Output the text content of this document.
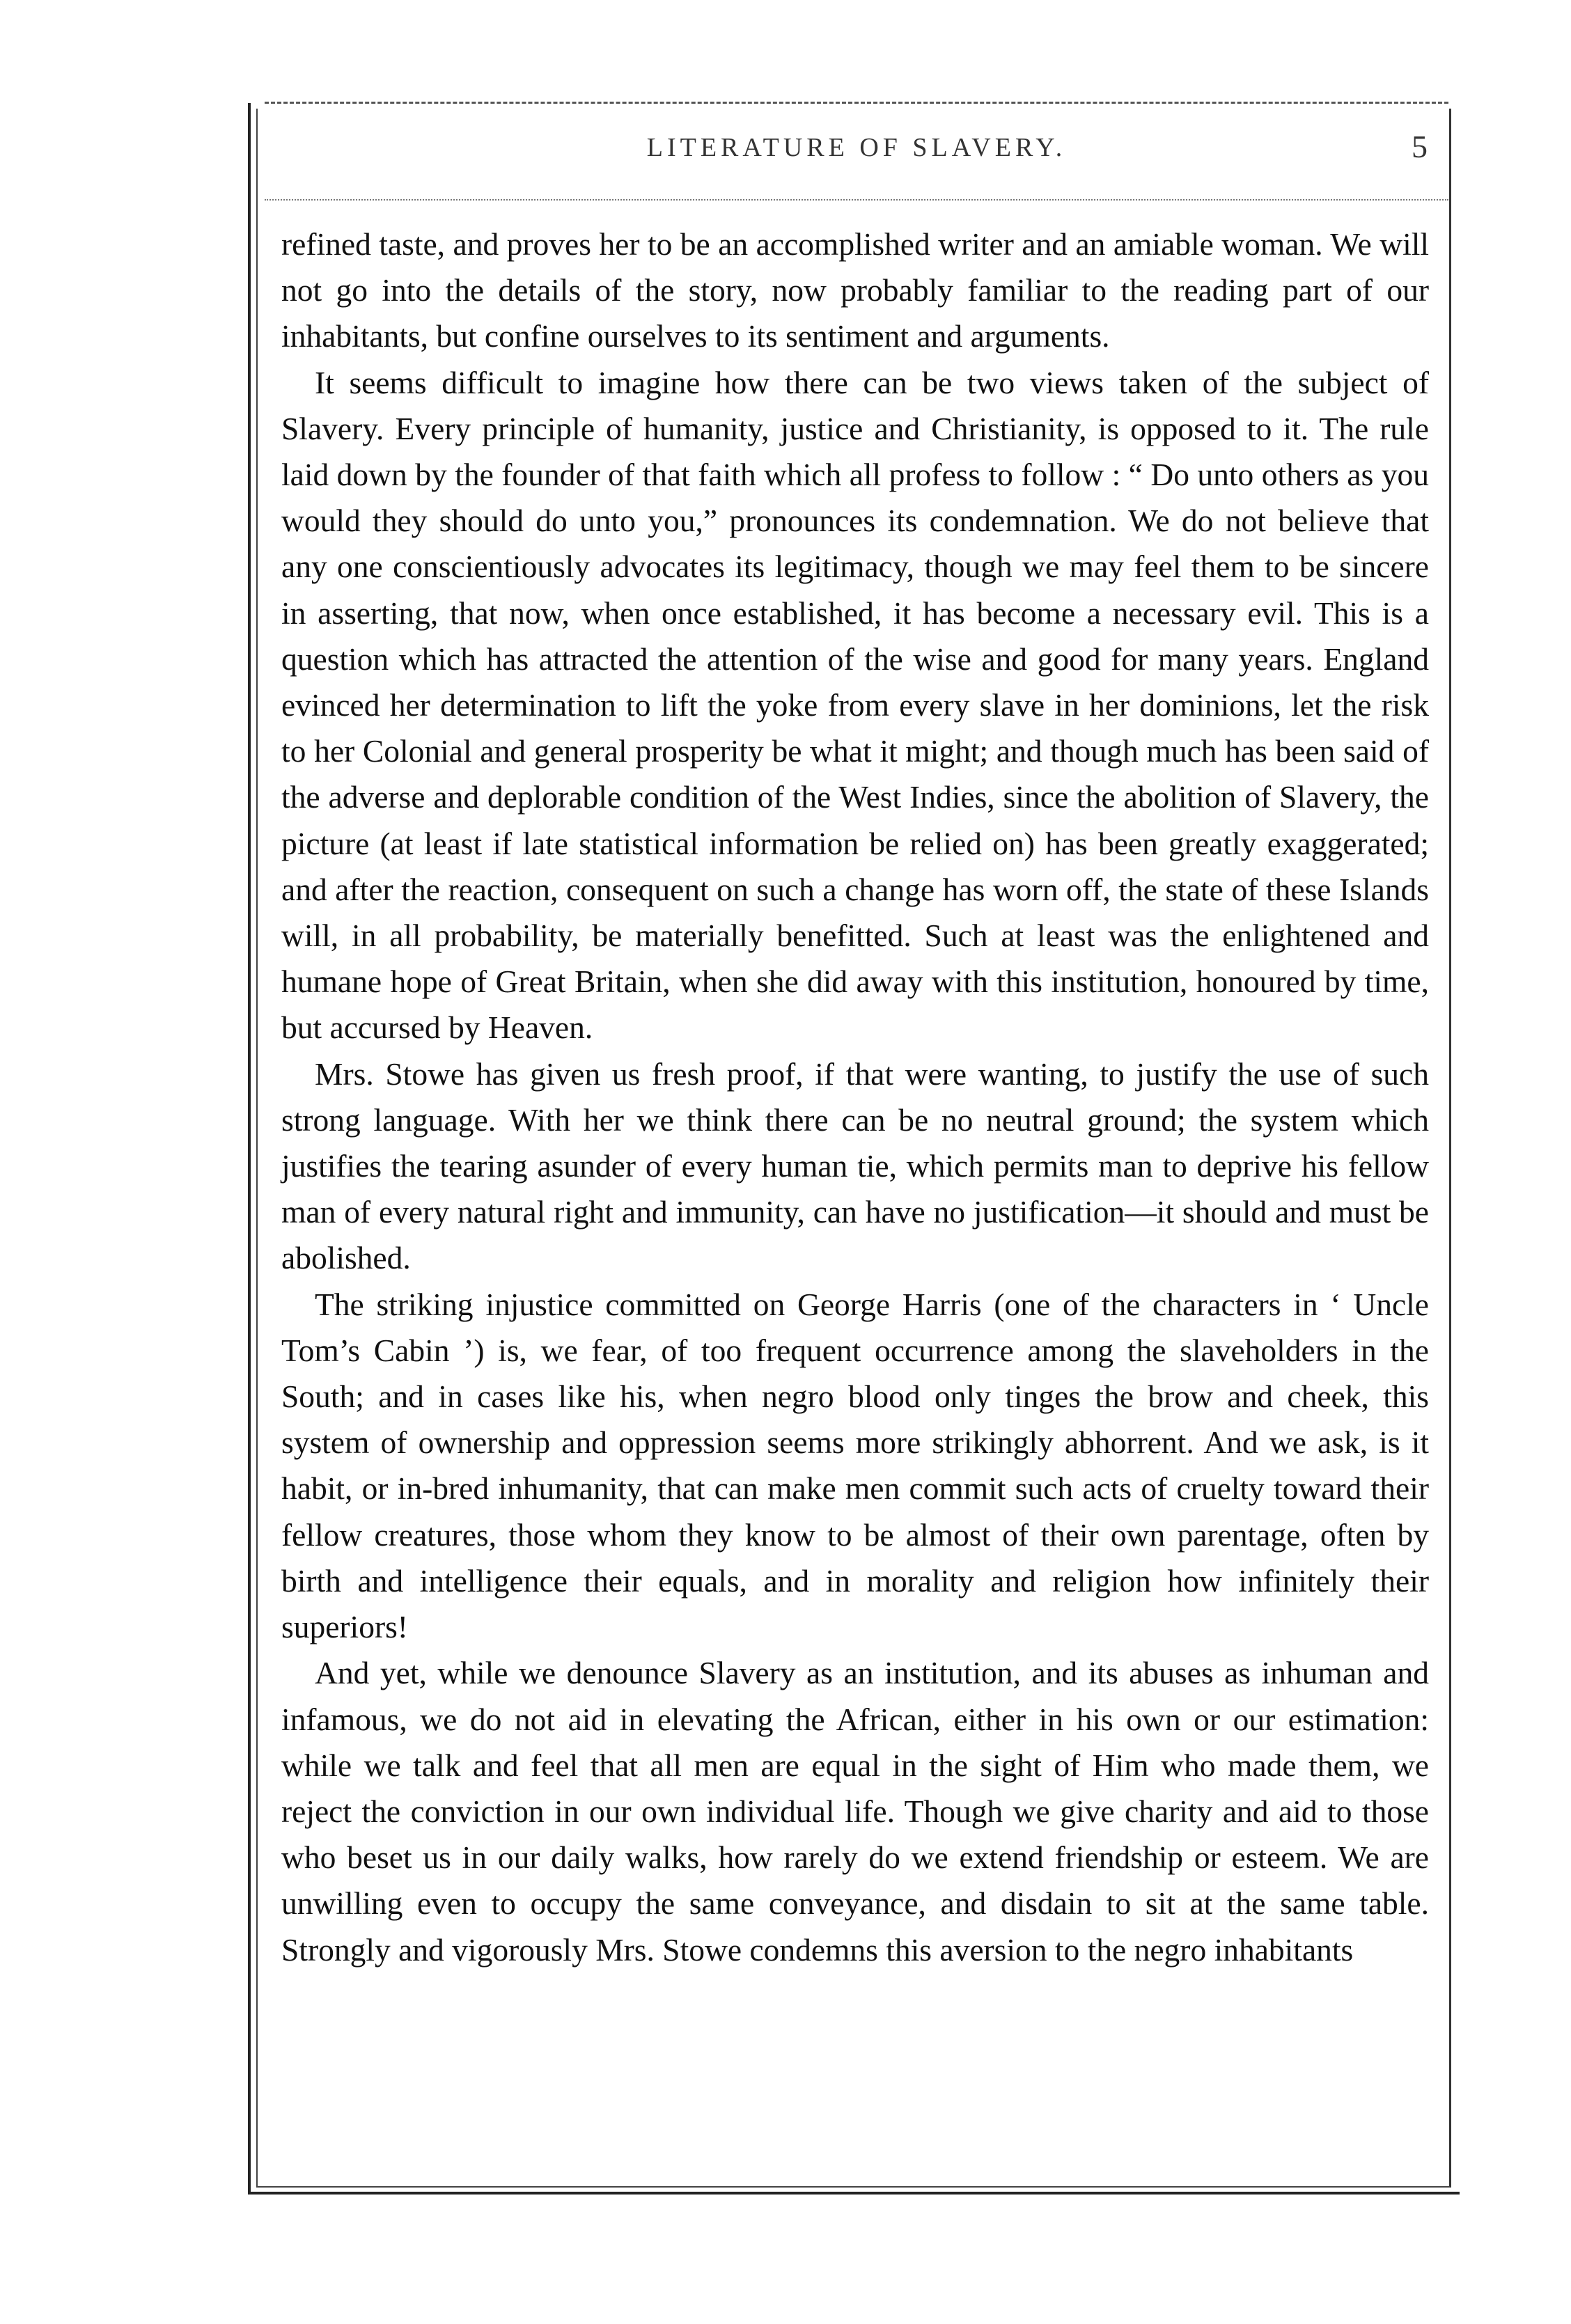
LITERATURE OF SLAVERY.	5

refined taste, and proves her to be an accomplished writer and an amiable woman. We will not go into the details of the story, now probably familiar to the reading part of our inhabitants, but confine ourselves to its sentiment and arguments.

It seems difficult to imagine how there can be two views taken of the subject of Slavery. Every principle of humanity, justice and Christianity, is opposed to it. The rule laid down by the founder of that faith which all profess to follow : “ Do unto others as you would they should do unto you,” pronounces its condemnation. We do not believe that any one conscientiously advocates its legitimacy, though we may feel them to be sincere in asserting, that now, when once established, it has become a necessary evil. This is a question which has attracted the attention of the wise and good for many years. England evinced her determination to lift the yoke from every slave in her dominions, let the risk to her Colonial and general prosperity be what it might; and though much has been said of the adverse and deplorable condition of the West Indies, since the abolition of Slavery, the picture (at least if late statistical information be relied on) has been greatly exaggerated; and after the reaction, consequent on such a change has worn off, the state of these Islands will, in all probability, be materially benefitted. Such at least was the enlightened and humane hope of Great Britain, when she did away with this institution, honoured by time, but accursed by Heaven.

Mrs. Stowe has given us fresh proof, if that were wanting, to justify the use of such strong language. With her we think there can be no neutral ground; the system which justifies the tearing asunder of every human tie, which permits man to deprive his fellow man of every natural right and immunity, can have no justification—it should and must be abolished.

The striking injustice committed on George Harris (one of the characters in ‘ Uncle Tom’s Cabin ’) is, we fear, of too frequent occurrence among the slaveholders in the South; and in cases like his, when negro blood only tinges the brow and cheek, this system of ownership and oppression seems more strikingly abhorrent. And we ask, is it habit, or in-bred inhumanity, that can make men commit such acts of cruelty toward their fellow creatures, those whom they know to be almost of their own parentage, often by birth and intelligence their equals, and in morality and religion how infinitely their superiors!

And yet, while we denounce Slavery as an institution, and its abuses as inhuman and infamous, we do not aid in elevating the African, either in his own or our estimation: while we talk and feel that all men are equal in the sight of Him who made them, we reject the conviction in our own individual life. Though we give charity and aid to those who beset us in our daily walks, how rarely do we extend friendship or esteem. We are unwilling even to occupy the same conveyance, and disdain to sit at the same table. Strongly and vigorously Mrs. Stowe condemns this aversion to the negro inhabitants
